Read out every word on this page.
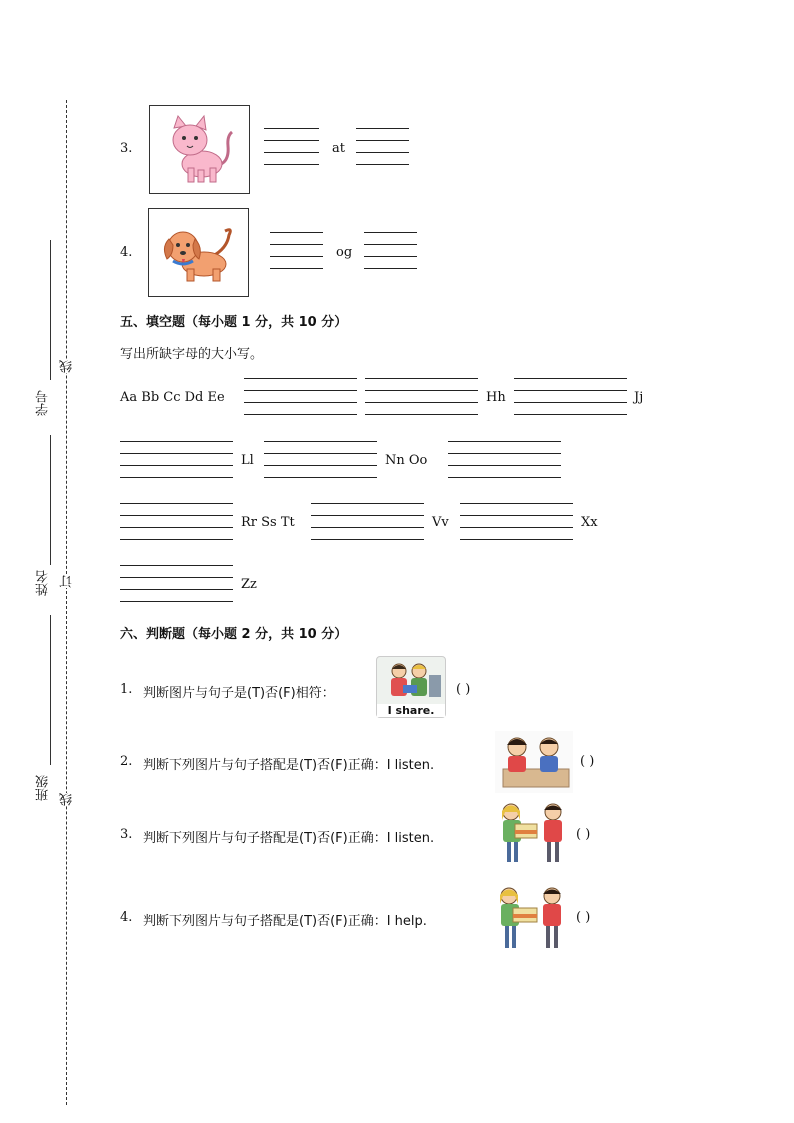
学号
姓名
班级
线
订
线
3.	at
4.	og
五、填空题（每小题 1 分，共 10 分）
写出所缺字母的大小写。
Aa Bb Cc Dd Ee	Hh	Jj
Ll	Nn Oo
Rr Ss Tt	Vv	Xx
Zz
六、判断题（每小题 2 分，共 10 分）
1. 判断图片与句子是(T)否(F)相符：
I share.
( )
2. 判断下列图片与句子搭配是(T)否(F)正确：I listen.	( )
3. 判断下列图片与句子搭配是(T)否(F)正确：I listen.	( )
4. 判断下列图片与句子搭配是(T)否(F)正确：I help.	( )
